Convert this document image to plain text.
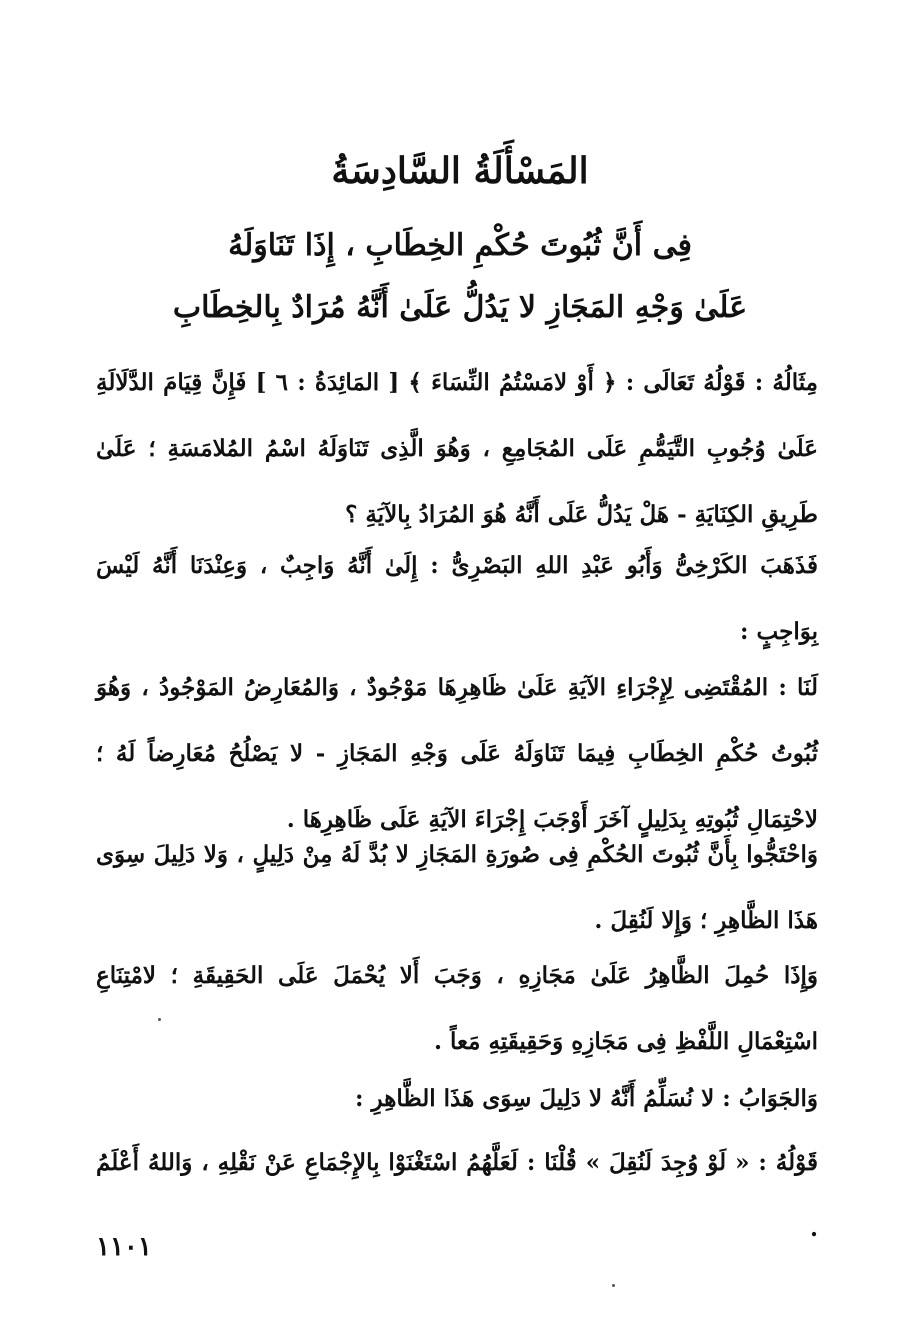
المَسْأَلَةُ السَّادِسَةُ
فِى أَنَّ ثُبُوتَ حُكْمِ الخِطَابِ ، إِذَا تَنَاوَلَهُ
عَلَىٰ وَجْهِ المَجَازِ لا يَدُلُّ عَلَىٰ أَنَّهُ مُرَادٌ بِالخِطَابِ

مِثَالُهُ : قَوْلُهُ تَعَالَى : ﴿ أَوْ لامَسْتُمُ النِّسَاءَ ﴾ [ المَائِدَةُ : ٦ ] فَإِنَّ قِيَامَ الدَّلَالَةِ عَلَىٰ وُجُوبِ التَّيَمُّمِ عَلَى المُجَامِعِ ، وَهُوَ الَّذِى تَنَاوَلَهُ اسْمُ المُلامَسَةِ ؛ عَلَىٰ طَرِيقِ الكِنَايَةِ - هَلْ يَدُلُّ عَلَى أَنَّهُ هُوَ المُرَادُ بِالآيَةِ ؟

فَذَهَبَ الكَرْخِىُّ وَأَبُو عَبْدِ اللهِ البَصْرِىُّ : إِلَىٰ أَنَّهُ وَاجِبٌ ، وَعِنْدَنَا أَنَّهُ لَيْسَ بِوَاجِبٍ :

لَنَا : المُقْتَضِى لِإِجْرَاءِ الآيَةِ عَلَىٰ ظَاهِرِهَا مَوْجُودٌ ، وَالمُعَارِضُ المَوْجُودُ ، وَهُوَ ثُبُوتُ حُكْمِ الخِطَابِ فِيمَا تَنَاوَلَهُ عَلَى وَجْهِ المَجَازِ - لا يَصْلُحُ مُعَارِضاً لَهُ ؛ لاحْتِمَالِ ثُبُوتِهِ بِدَلِيلٍ آخَرَ أَوْجَبَ إِجْرَاءَ الآيَةِ عَلَى ظَاهِرِهَا .

وَاحْتَجُّوا بِأَنَّ ثُبُوتَ الحُكْمِ فِى صُورَةِ المَجَازِ لا بُدَّ لَهُ مِنْ دَلِيلٍ ، وَلا دَلِيلَ سِوَى هَذَا الظَّاهِرِ ؛ وَإِلا لَنُقِلَ .

وَإِذَا حُمِلَ الظَّاهِرُ عَلَىٰ مَجَازِهِ ، وَجَبَ أَلا يُحْمَلَ عَلَى الحَقِيقَةِ ؛ لامْتِنَاعِ اسْتِعْمَالِ اللَّفْظِ فِى مَجَازِهِ وَحَقِيقَتِهِ مَعاً .

وَالجَوَابُ : لا نُسَلِّمُ أَنَّهُ لا دَلِيلَ سِوَى هَذَا الظَّاهِرِ :

قَوْلُهُ : « لَوْ وُجِدَ لَنُقِلَ » قُلْنَا : لَعَلَّهُمُ اسْتَغْنَوْا بِالإِجْمَاعِ عَنْ نَقْلِهِ ، وَاللهُ أَعْلَمُ .

١١٠١
